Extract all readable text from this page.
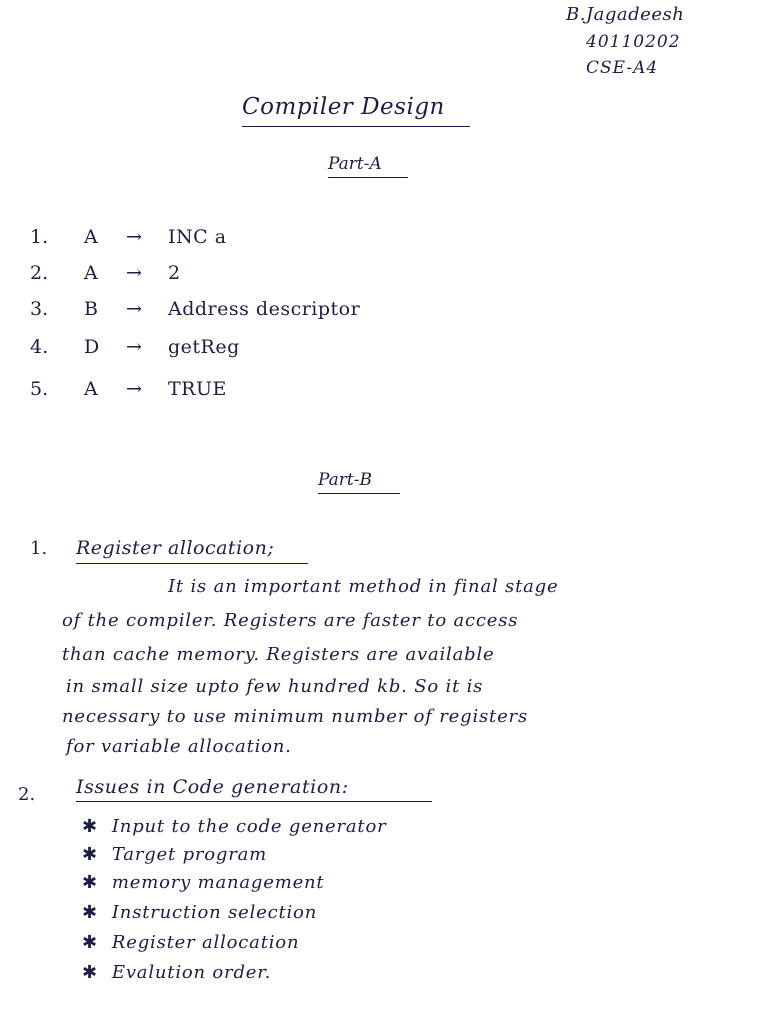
B.Jagadeesh
40110202
CSE-A4
Compiler Design
Part-A
1. A → INC a
2. A → 2
3. B → Address descriptor
4. D → getReg
5. A → TRUE
Part-B
1. Register allocation;
It is an important method in final stage
of the compiler. Registers are faster to access
than cache memory. Registers are available
in small size upto few hundred kb. So it is
necessary to use minimum number of registers
for variable allocation.
2. Issues in Code generation:
✱ Input to the code generator
✱ Target program
✱ memory management
✱ Instruction selection
✱ Register allocation
✱ Evalution order.
